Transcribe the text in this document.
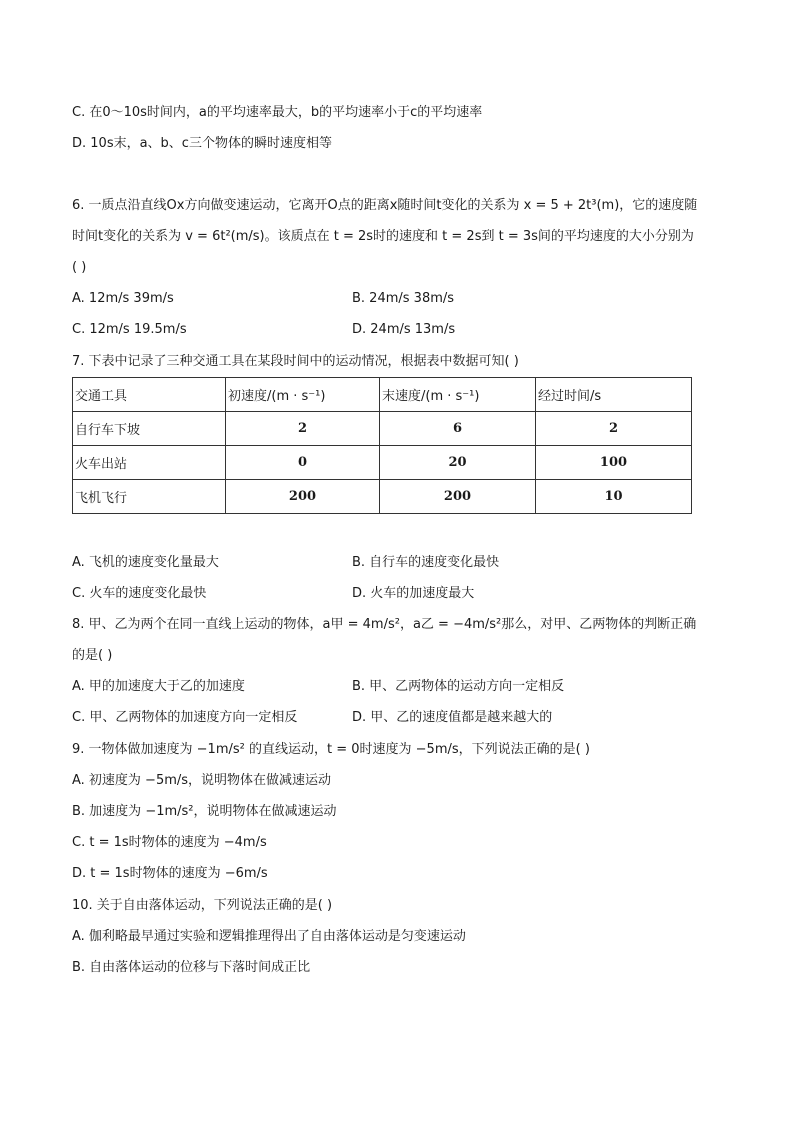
C. 在0～10s时间内，a的平均速率最大，b的平均速率小于c的平均速率
D. 10s末，a、b、c三个物体的瞬时速度相等
6. 一质点沿直线Ox方向做变速运动，它离开O点的距离x随时间t变化的关系为 x = 5 + 2t³(m)，它的速度随
时间t变化的关系为 v = 6t²(m/s)。该质点在 t = 2s时的速度和 t = 2s到 t = 3s间的平均速度的大小分别为
( )
A. 12m/s 39m/s	B. 24m/s 38m/s
C. 12m/s 19.5m/s	D. 24m/s 13m/s
7. 下表中记录了三种交通工具在某段时间中的运动情况，根据表中数据可知( )
交通工具	初速度/(m · s⁻¹)	末速度/(m · s⁻¹)	经过时间/s
自行车下坡	2	6	2
火车出站	0	20	100
飞机飞行	200	200	10
A. 飞机的速度变化量最大	B. 自行车的速度变化最快
C. 火车的速度变化最快	D. 火车的加速度最大
8. 甲、乙为两个在同一直线上运动的物体，a甲 = 4m/s²，a乙 = −4m/s²那么，对甲、乙两物体的判断正确
的是( )
A. 甲的加速度大于乙的加速度	B. 甲、乙两物体的运动方向一定相反
C. 甲、乙两物体的加速度方向一定相反	D. 甲、乙的速度值都是越来越大的
9. 一物体做加速度为 −1m/s² 的直线运动，t = 0时速度为 −5m/s，下列说法正确的是( )
A. 初速度为 −5m/s，说明物体在做减速运动
B. 加速度为 −1m/s²，说明物体在做减速运动
C. t = 1s时物体的速度为 −4m/s
D. t = 1s时物体的速度为 −6m/s
10. 关于自由落体运动，下列说法正确的是( )
A. 伽利略最早通过实验和逻辑推理得出了自由落体运动是匀变速运动
B. 自由落体运动的位移与下落时间成正比
